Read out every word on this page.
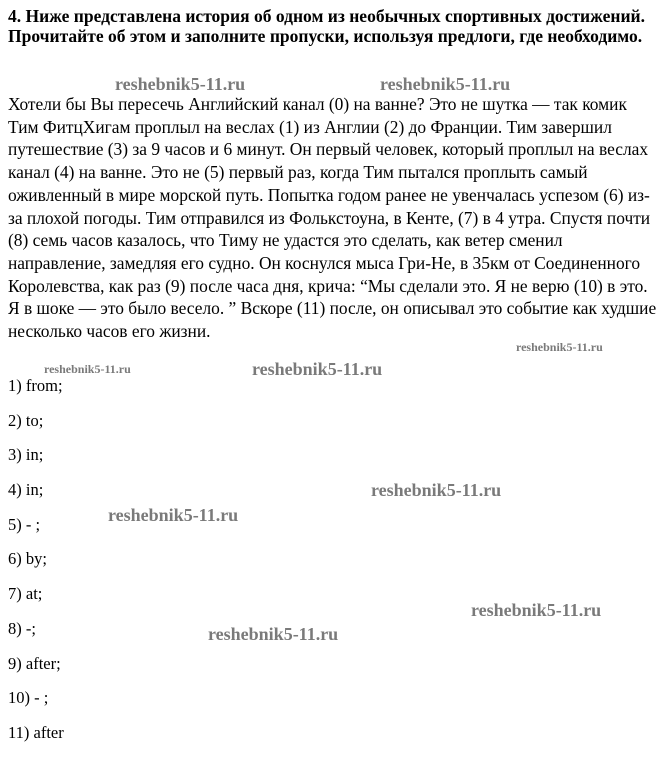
4. Ниже представлена история об одном из необычных спортивных достижений.
Прочитайте об этом и заполните пропуски, используя предлоги, где необходимо.

Хотели бы Вы пересечь Английский канал (0) на ванне? Это не шутка — так комик Тим ФитцХигам проплыл на веслах (1) из Англии (2) до Франции. Тим завершил путешествие (3) за 9 часов и 6 минут. Он первый человек, который проплыл на веслах канал (4) на ванне. Это не (5) первый раз, когда Тим пытался проплыть самый оживленный в мире морской путь. Попытка годом ранее не увенчалась успезом (6) из-за плохой погоды. Тим отправился из Фолькстоуна, в Кенте, (7) в 4 утра. Спустя почти (8) семь часов казалось, что Тиму не удастся это сделать, как ветер сменил направление, замедляя его судно. Он коснулся мыса Гри-Не, в 35км от Соединенного Королевства, как раз (9) после часа дня, крича: “Мы сделали это. Я не верю (10) в это. Я в шоке — это было весело. ” Вскоре (11) после, он описывал это событие как худшие несколько часов его жизни.

1) from;
2) to;
3) in;
4) in;
5) - ;
6) by;
7) at;
8) -;
9) after;
10) - ;
11) after
reshebnik5-11.ru	reshebnik5-11.ru
reshebnik5-11.ru
reshebnik5-11.ru	reshebnik5-11.ru
reshebnik5-11.ru
reshebnik5-11.ru
reshebnik5-11.ru
reshebnik5-11.ru
